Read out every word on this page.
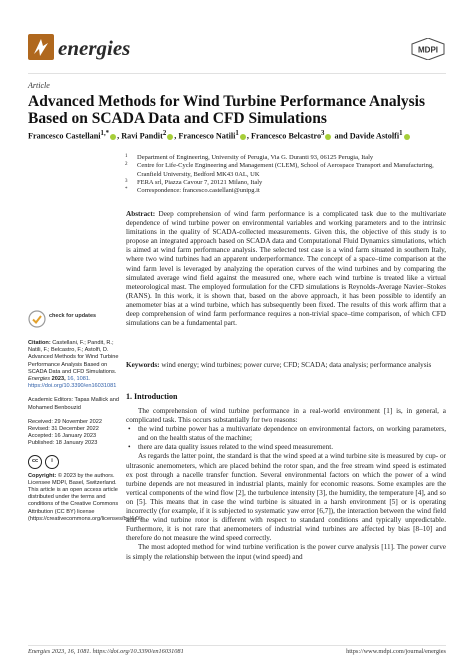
energies	MDPI
Article
Advanced Methods for Wind Turbine Performance Analysis Based on SCADA Data and CFD Simulations
Francesco Castellani$^{1,*}$ , Ravi Pandit$^2$ , Francesco Natili$^1$ , Francesco Belcastro$^3$ and Davide Astolfi$^1$
1 Department of Engineering, University of Perugia, Via G. Duranti 93, 06125 Perugia, Italy
2 Centre for Life-Cycle Engineering and Management (CLEM), School of Aerospace Transport and Manufacturing, Cranfield University, Bedford MK43 0AL, UK
3 FERA srl, Piazza Cavour 7, 20121 Milano, Italy
* Correspondence: francesco.castellani@unipg.it
Abstract: Deep comprehension of wind farm performance is a complicated task due to the multivariate dependence of wind turbine power on environmental variables and working parameters and to the intrinsic limitations in the quality of SCADA-collected measurements. Given this, the objective of this study is to propose an integrated approach based on SCADA data and Computational Fluid Dynamics simulations, which is aimed at wind farm performance analysis. The selected test case is a wind farm situated in southern Italy, where two wind turbines had an apparent underperformance. The concept of a space–time comparison at the wind farm level is leveraged by analyzing the operation curves of the wind turbines and by comparing the simulated average wind field against the measured one, where each wind turbine is treated like a virtual meteorological mast. The employed formulation for the CFD simulations is Reynolds-Average Navier–Stokes (RANS). In this work, it is shown that, based on the above approach, it has been possible to identify an anemometer bias at a wind turbine, which has subsequently been fixed. The results of this work affirm that a deep comprehension of wind farm performance requires a non-trivial space–time comparison, of which CFD simulations can be a fundamental part.
Keywords: wind energy; wind turbines; power curve; CFD; SCADA; data analysis; performance analysis
1. Introduction

The comprehension of wind turbine performance in a real-world environment [1] is, in general, a complicated task. This occurs substantially for two reasons:

• the wind turbine power has a multivariate dependence on environmental factors, on working parameters, and on the health status of the machine;
• there are data quality issues related to the wind speed measurement.

As regards the latter point, the standard is that the wind speed at a wind turbine site is measured by cup- or ultrasonic anemometers, which are placed behind the rotor span, and the free stream wind speed is estimated ex post through a nacelle transfer function. Several environmental factors on which the power of a wind turbine depends are not measured in industrial plants, mainly for economic reasons. Some examples are the vertical components of the wind flow [2], the turbulence intensity [3], the humidity, the temperature [4], and so on [5]. This means that in case the wind turbine is situated in a harsh environment [5] or is operating incorrectly (for example, if it is subjected to systematic yaw error [6,7]), the interaction between the wind field and the wind turbine rotor is different with respect to standard conditions and typically unpredictable. Furthermore, it is not rare that anemometers of industrial wind turbines are affected by bias [8–10] and therefore do not measure the wind speed correctly.

The most adopted method for wind turbine verification is the power curve analysis [11]. The power curve is simply the relationship between the input (wind speed) and

check for updates
Citation: Castellani, F.; Pandit, R.; Natili, F.; Belcastro, F.; Astolfi, D. Advanced Methods for Wind Turbine Performance Analysis Based on SCADA Data and CFD Simulations. Energies 2023, 16, 1081. https://doi.org/10.3390/en16031081
Academic Editors: Tapas Mallick and Mohamed Benbouzid
Received: 29 November 2022
Revised: 31 December 2022
Accepted: 16 January 2023
Published: 18 January 2023
cc	i
Copyright: © 2023 by the authors. Licensee MDPI, Basel, Switzerland. This article is an open access article distributed under the terms and conditions of the Creative Commons Attribution (CC BY) license (https://creativecommons.org/licenses/by/4.0/).
Energies 2023, 16, 1081. https://doi.org/10.3390/en16031081	https://www.mdpi.com/journal/energies
